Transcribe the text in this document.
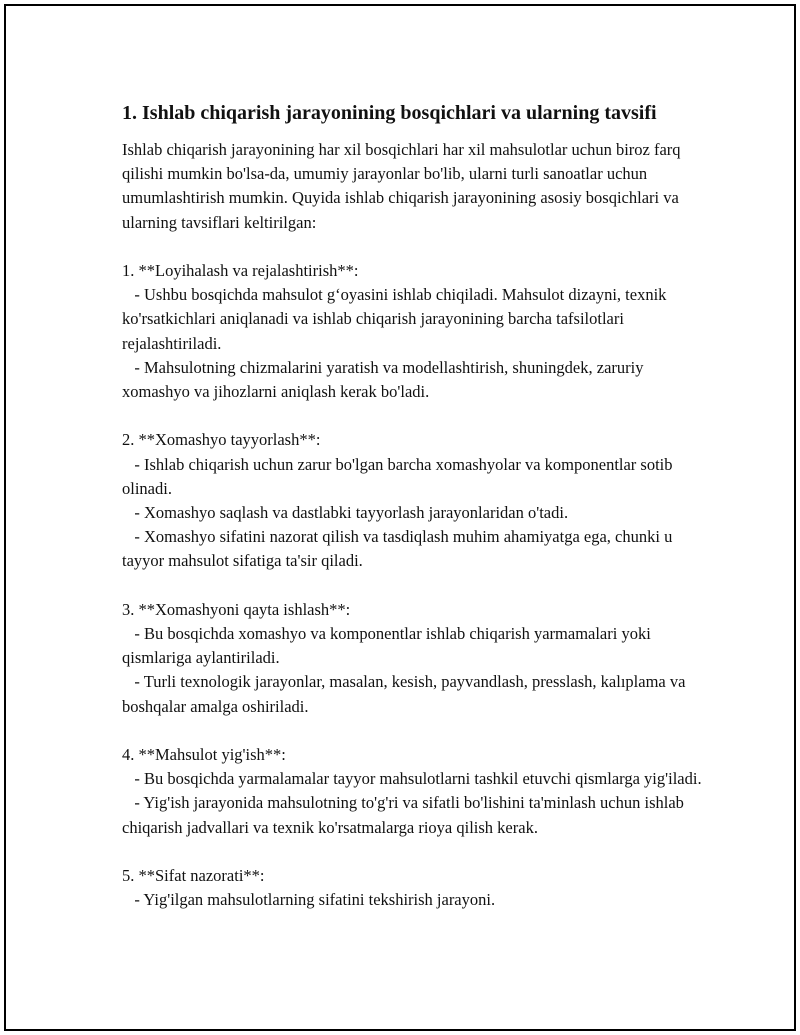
1. Ishlab chiqarish jarayonining bosqichlari va ularning tavsifi

Ishlab chiqarish jarayonining har xil bosqichlari har xil mahsulotlar uchun biroz farq qilishi mumkin bo'lsa-da, umumiy jarayonlar bo'lib, ularni turli sanoatlar uchun umumlashtirish mumkin. Quyida ishlab chiqarish jarayonining asosiy bosqichlari va ularning tavsiflari keltirilgan:

1. **Loyihalash va rejalashtirish**:
- Ushbu bosqichda mahsulot g‘oyasini ishlab chiqiladi. Mahsulot dizayni, texnik ko'rsatkichlari aniqlanadi va ishlab chiqarish jarayonining barcha tafsilotlari rejalashtiriladi.
- Mahsulotning chizmalarini yaratish va modellashtirish, shuningdek, zaruriy xomashyo va jihozlarni aniqlash kerak bo'ladi.
2. **Xomashyo tayyorlash**:
- Ishlab chiqarish uchun zarur bo'lgan barcha xomashyolar va komponentlar sotib olinadi.
- Xomashyo saqlash va dastlabki tayyorlash jarayonlaridan o'tadi.
- Xomashyo sifatini nazorat qilish va tasdiqlash muhim ahamiyatga ega, chunki u tayyor mahsulot sifatiga ta'sir qiladi.
3. **Xomashyoni qayta ishlash**:
- Bu bosqichda xomashyo va komponentlar ishlab chiqarish yarmamalari yoki qismlariga aylantiriladi.
- Turli texnologik jarayonlar, masalan, kesish, payvandlash, presslash, kalıplama va boshqalar amalga oshiriladi.
4. **Mahsulot yig'ish**:
- Bu bosqichda yarmalamalar tayyor mahsulotlarni tashkil etuvchi qismlarga yig'iladi.
- Yig'ish jarayonida mahsulotning to'g'ri va sifatli bo'lishini ta'minlash uchun ishlab chiqarish jadvallari va texnik ko'rsatmalarga rioya qilish kerak.
5. **Sifat nazorati**:
- Yig'ilgan mahsulotlarning sifatini tekshirish jarayoni.
